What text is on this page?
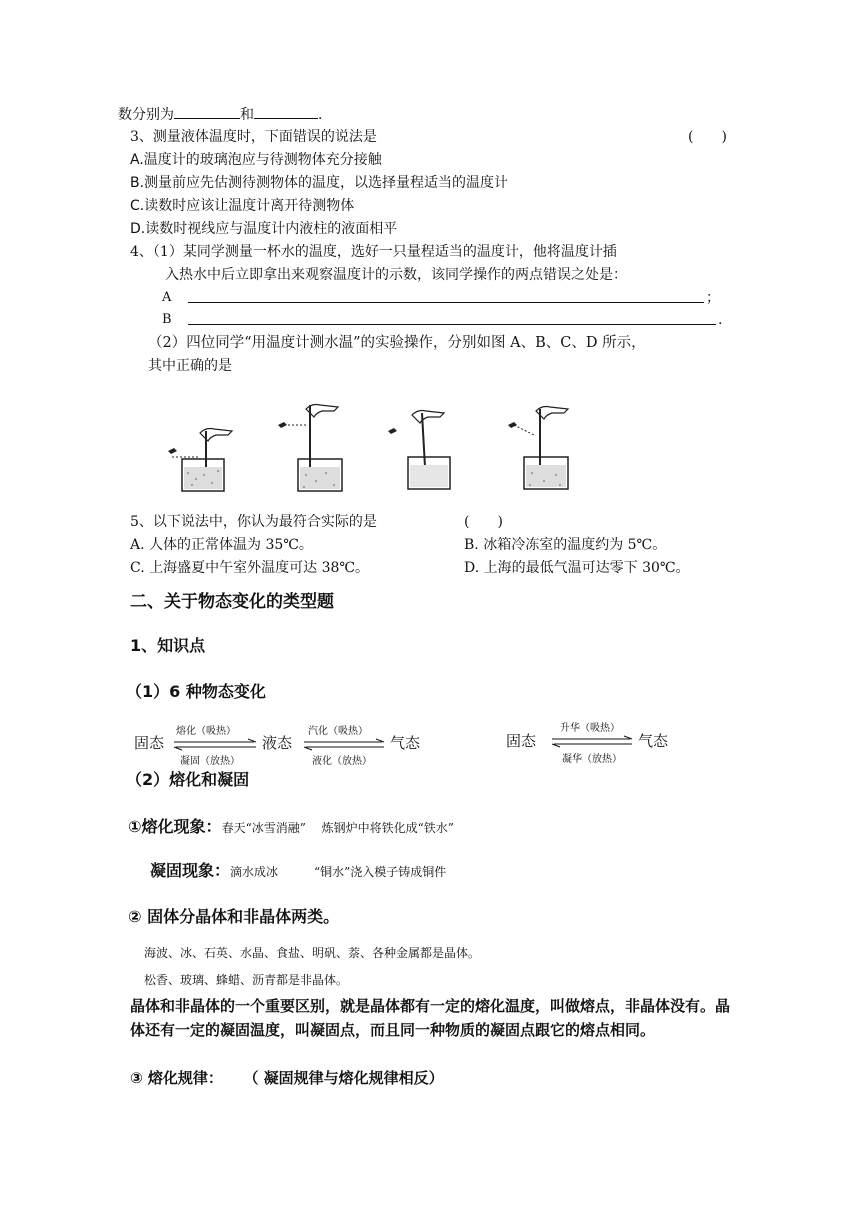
数分别为	和	.
3、测量液体温度时，下面错误的说法是	(　　)
A.温度计的玻璃泡应与待测物体充分接触
B.测量前应先估测待测物体的温度，以选择量程适当的温度计
C.读数时应该让温度计离开待测物体
D.读数时视线应与温度计内液柱的液面相平
4、（1）某同学测量一杯水的温度，选好一只量程适当的温度计，他将温度计插
入热水中后立即拿出来观察温度计的示数，该同学操作的两点错误之处是：
A	；
B	.
（2）四位同学“用温度计测水温”的实验操作，分别如图 A、B、C、D 所示，
其中正确的是
5、以下说法中，你认为最符合实际的是	(　　)
A. 人体的正常体温为 35℃。	B. 冰箱冷冻室的温度约为 5℃。
C. 上海盛夏中午室外温度可达 38℃。	D. 上海的最低气温可达零下 30℃。
二、关于物态变化的类型题
1、知识点
（1）6 种物态变化
固态
熔化（吸热）
凝固（放热）
液态
汽化（吸热）
液化（放热）
气态	固态
升华（吸热）
凝华（放热）
气态
（2）熔化和凝固
①熔化现象：春天“冰雪消融”　 炼钢炉中将铁化成“铁水”
凝固现象：滴水成冰　　　“铜水”浇入模子铸成铜件
② 固体分晶体和非晶体两类。
海波、冰、石英、水晶、食盐、明矾、萘、各种金属都是晶体。
松香、玻璃、蜂蜡、沥青都是非晶体。
晶体和非晶体的一个重要区别，就是晶体都有一定的熔化温度，叫做熔点，非晶体没有。晶体还有一定的凝固温度，叫凝固点，而且同一种物质的凝固点跟它的熔点相同。
③ 熔化规律： （ 凝固规律与熔化规律相反）
